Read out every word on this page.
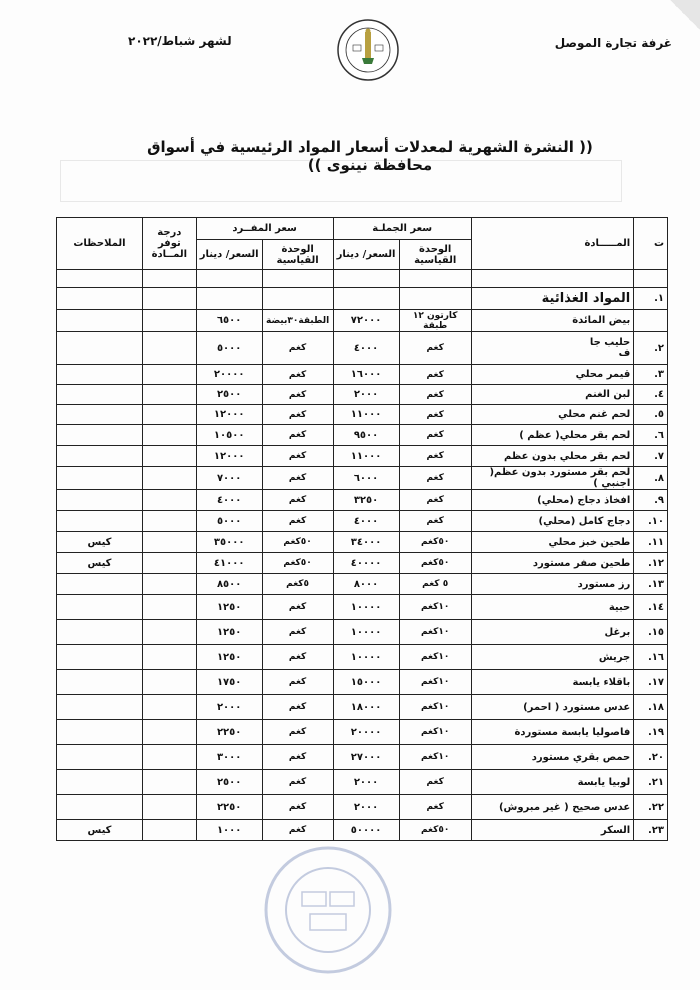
غرفة تجارة الموصل
لشهر شباط/٢٠٢٢
(( النشرة الشهرية لمعدلات أسعار المواد الرئيسية في أسواق محافظة نينوى ))
ت	المـــــادة	سعر الجملـة		سعر المفــرد		درجة توفر المــادة	الملاحظات
		الوحدة القياسية	السعر/ دينار	الوحدة القياسية	السعر/ دينار		

.١	المواد الغذائية						
	بيض المائدة	كارتون ١٢ طبقة	٧٢٠٠٠	الطبقة٣٠بيضة	٦٥٠٠		
.٢	حليب جا
ف	كغم	٤٠٠٠	كغم	٥٠٠٠		
.٣	قيمر محلي	كغم	١٦٠٠٠	كغم	٢٠٠٠٠		
.٤	لبن الغنم	كغم	٢٠٠٠	كغم	٢٥٠٠		
.٥	لحم غنم محلي	كغم	١١٠٠٠	كغم	١٢٠٠٠		
.٦	لحم بقر محلي( عظم )	كغم	٩٥٠٠	كغم	١٠٥٠٠		
.٧	لحم بقر محلي بدون عظم	كغم	١١٠٠٠	كغم	١٢٠٠٠		
.٨	لحم بقر مستورد بدون عظم( اجنبي )	كغم	٦٠٠٠	كغم	٧٠٠٠		
.٩	افخاذ دجاج (محلي)	كغم	٣٢٥٠	كغم	٤٠٠٠		
.١٠	دجاج كامل (محلي)	كغم	٤٠٠٠	كغم	٥٠٠٠		
.١١	طحين خبز محلي	٥٠كغم	٣٤٠٠٠	٥٠كغم	٣٥٠٠٠		كيس
.١٢	طحين صفر مستورد	٥٠كغم	٤٠٠٠٠	٥٠كغم	٤١٠٠٠		كيس
.١٣	رز مستورد	٥ كغم	٨٠٠٠	٥كغم	٨٥٠٠		
.١٤	حبية	١٠كغم	١٠٠٠٠	كغم	١٢٥٠		
.١٥	برغل	١٠كغم	١٠٠٠٠	كغم	١٢٥٠		
.١٦	جريش	١٠كغم	١٠٠٠٠	كغم	١٢٥٠		
.١٧	باقلاء يابسة	١٠كغم	١٥٠٠٠	كغم	١٧٥٠		
.١٨	عدس مستورد ( احمر)	١٠كغم	١٨٠٠٠	كغم	٢٠٠٠		
.١٩	فاصوليا يابسة مستوردة	١٠كغم	٢٠٠٠٠	كغم	٢٢٥٠		
.٢٠	حمص بقري مستورد	١٠كغم	٢٧٠٠٠	كغم	٣٠٠٠		
.٢١	لوبيا يابسة	كغم	٢٠٠٠	كغم	٢٥٠٠		
.٢٢	عدس صحيح ( غير مبروش)	كغم	٢٠٠٠	كغم	٢٢٥٠		
.٢٣	السكر	٥٠كغم	٥٠٠٠٠	كغم	١٠٠٠		كيس
